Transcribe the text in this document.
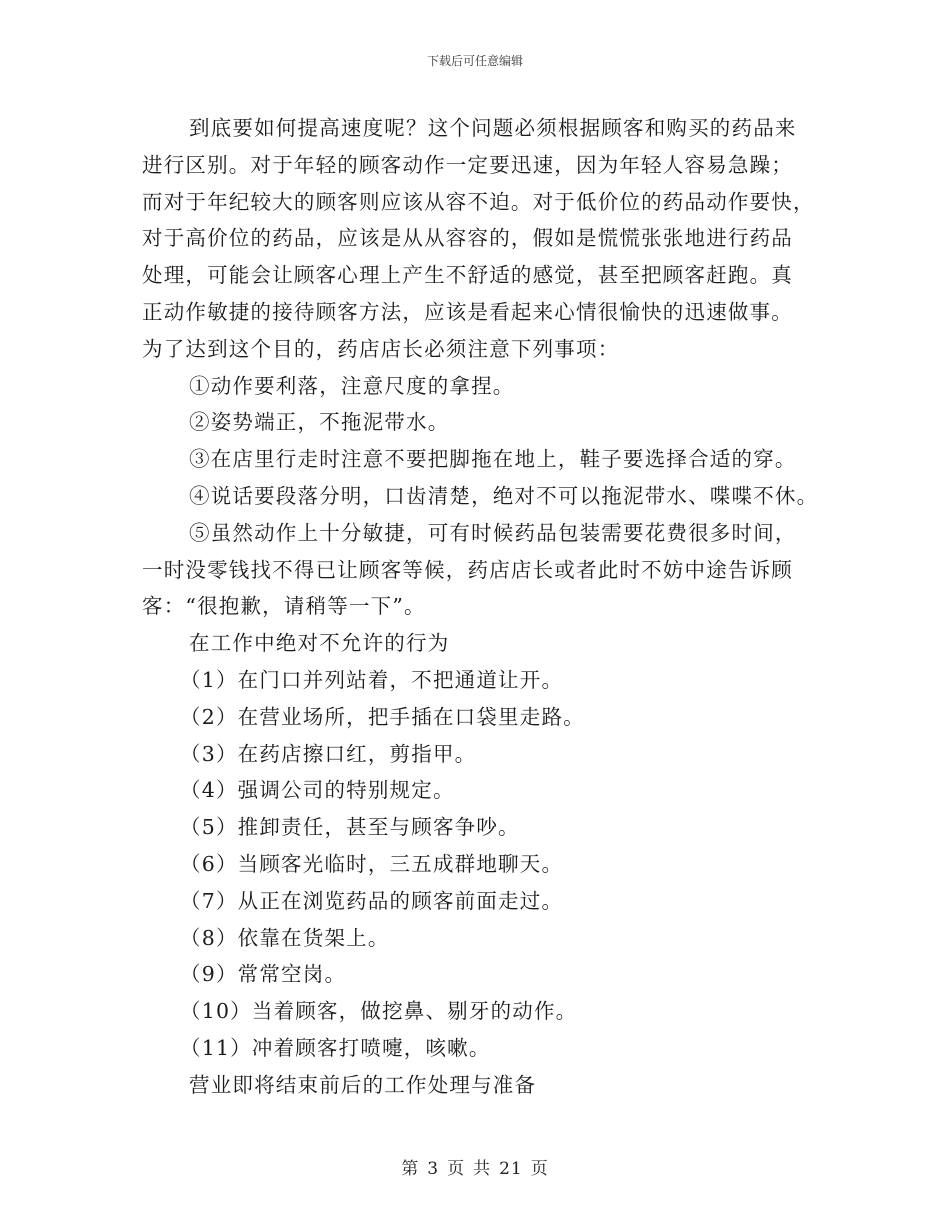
下载后可任意编辑
到底要如何提高速度呢？这个问题必须根据顾客和购买的药品来
进行区别。对于年轻的顾客动作一定要迅速，因为年轻人容易急躁；
而对于年纪较大的顾客则应该从容不迫。对于低价位的药品动作要快，
对于高价位的药品，应该是从从容容的，假如是慌慌张张地进行药品
处理，可能会让顾客心理上产生不舒适的感觉，甚至把顾客赶跑。真
正动作敏捷的接待顾客方法，应该是看起来心情很愉快的迅速做事。
为了达到这个目的，药店店长必须注意下列事项：
①动作要利落，注意尺度的拿捏。
②姿势端正，不拖泥带水。
③在店里行走时注意不要把脚拖在地上，鞋子要选择合适的穿。
④说话要段落分明，口齿清楚，绝对不可以拖泥带水、喋喋不休。
⑤虽然动作上十分敏捷，可有时候药品包装需要花费很多时间，
一时没零钱找不得已让顾客等候，药店店长或者此时不妨中途告诉顾
客：“很抱歉，请稍等一下”。
在工作中绝对不允许的行为
（1）在门口并列站着，不把通道让开。
（2）在营业场所，把手插在口袋里走路。
（3）在药店擦口红，剪指甲。
（4）强调公司的特别规定。
（5）推卸责任，甚至与顾客争吵。
（6）当顾客光临时，三五成群地聊天。
（7）从正在浏览药品的顾客前面走过。
（8）依靠在货架上。
（9）常常空岗。
（10）当着顾客，做挖鼻、剔牙的动作。
（11）冲着顾客打喷嚏，咳嗽。
营业即将结束前后的工作处理与准备
第 3 页 共 21 页
